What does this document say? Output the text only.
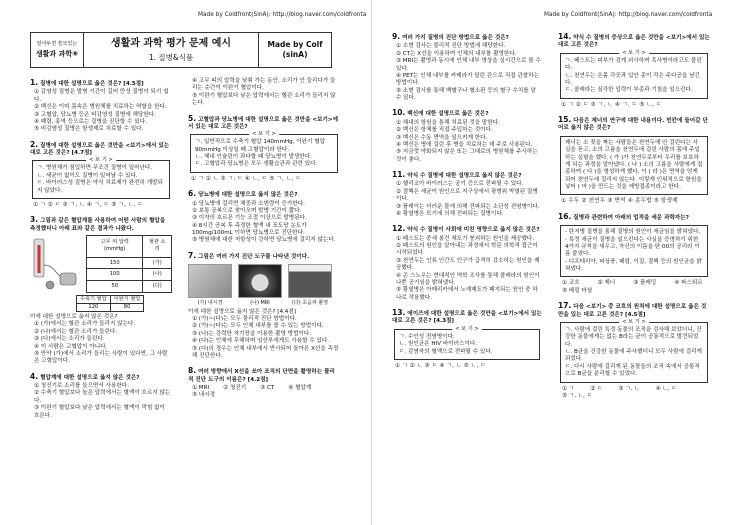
Made by Coldfront(SinA): http://blog.naver.com/coldfronta
알아두면 쓸모있는
생활과 과학⑨
생활과 과학 평가 문제 예시
1. 질병&식품
Made by Colf
(sinA)
1. 질병에 대한 설명으로 옳은 것은? [4.5점]
① 감염성 질병은 발병 기간이 길어 만성 질병이 되기 쉽다.
② 백신은 이미 몸속은 병원체를 치료하는 역할을 한다.
③ 고혈압, 당뇨병 등은 비감염성 질병에 해당한다.
④ 폐렴, 홍역 등으로는 질병을 진단할 수 있다.
⑤ 비감염성 질병은 항생제로 치료할 수 있다.
2. 질병에 대한 설명으로 옳은 것만을 <보기>에서 있는 대로 고른 것은? [4.7점]
< 보 기 >
ㄱ. 병원체가 침입하면 무조건 질병이 일어난다.
ㄴ. 세균이 없이도 질병이 일어날 수 있다.
ㄷ. 바이러스성 질병은 약식 치료제가 완전히 개발되지 않았다.
① ㄱ ② ㄷ ③ ㄱ, ㄴ ④ ㄱ, ㄷ ⑤ ㄱ, ㄴ, ㄷ
3. 그림과 같은 혈압계를 사용하여 어떤 사람의 혈압을 측정했더니 아래 표와 같은 결과가 나왔다.
고무 띠 압력(mmHg)	혈관 소리
150	(가)
100	(나)
50	(다)
수축기 혈압	이완기 혈압
120	80
이에 대한 설명으로 옳지 않은 것은?
① (가)에서는 혈관 소리가 들리지 않는다.
② (나)에서는 혈관 소리가 들린다.
③ (다)에서는 소리가 들린다.
④ 이 사람은 고혈압이 아니다.
⑤ 만약 (가)에서 소리가 들리는 사람이 있다면, 그 사람은 고혈압이다.
4. 혈압계에 대한 설명으로 옳지 않은 것은?
① 청진기로 소리를 들으면서 사용한다.
② 수축기 혈압보다 높은 압력에서는 혈액이 흐르지 않는다.
③ 이완기 혈압보다 낮은 압력에서는 혈액이 막힘 없이 흐른다.
④ 고무 띠의 압력을 낮춰 가는 동안, 소리가 안 들리다가 들리는 순간이 이완기 혈압이다.
⑤ 이완기 혈압보다 낮은 압력에서는 혈관 소리가 들리지 않는다.
5. 고혈압과 당뇨병에 대한 설명으로 옳은 것만을 <보기>에서 있는 대로 고른 것은?
< 보 기 >
ㄱ. 일반적으로 수축기 혈압 140mmHg, 이완기 혈압 90mmHg 이상일 때 고혈압이라 한다.
ㄴ. 체내 인슐린이 과다할 때 당뇨병이 발생한다.
ㄷ. 고혈압과 당뇨병은 모두 생활습관과 관련 있다.
① ㄱ ② ㄴ ③ ㄱ, ㄷ ④ ㄴ, ㄷ ⑤ ㄱ, ㄴ, ㄷ
6. 당뇨병에 대한 설명으로 옳지 않은 것은?
① 당뇨병에 걸리면 체중과 소변량이 증가한다.
② 보통 공복으로 찾아오며 발병 기간이 짧다.
③ 이자의 호르몬 기능 조절 이상으로 발병된다.
④ 8시간 공복 후 측정한 혈액 내 포도당 농도가 100mg/100mL 이하면 당뇨병으로 진단한다.
⑤ 병원체에 대한 저항성이 강하면 당뇨병에 걸리지 않는다.
7. 그림은 여러 가지 진단 도구를 나타낸 것이다.
(가) 내시경	(나) MRI	(다) 초음파 촬영
이에 대한 설명으로 옳지 않은 것은? [4.4점]
① (가)~(다)는 모두 물리적 진단 방법이다.
② (가)~(다)는 모두 인체 내부를 볼 수 있는 방법이다.
③ (나)는 강력한 자기장을 이용한 촬영 방법이다.
④ (다)는 인체에 무해하며 임산부에게도 사용할 수 있다.
⑤ (다)의 경우는 인체 내부에서 반사되어 돌아온 X선을 측정해 진단한다.
8. 여러 방향에서 X선을 쏘아 조직의 단면을 촬영하는 물리적 진단 도구의 이름은? [4.2점]
① MRI	② 청진기	③ CT	④ 혈압계
⑤ 내시경
Made by Coldfront(SinA): http://blog.naver.com/coldfronta
9. 여러 가지 질병의 진단 방법으로 옳은 것은?
① 소변 검사는 물리적 진단 방법에 해당한다.
② CT는 X선을 이용하여 인체의 내부를 촬영한다.
③ MRI는 촬영과 동시에 인체 내부 영상을 실시간으로 볼 수 있다.
④ PET는 인체 내부를 카메라가 달린 관으로 직접 관찰하는 방법이다.
⑤ 소변 검사를 통해 백혈구나 혈소판 등의 혈구 수치를 알 수 있다.
10. 백신에 대한 설명으로 옳은 것은?
① 체내의 항원을 통해 치료된 것을 말한다.
② 백신은 항체를 직접 주입하는 것이다.
③ 백신은 수동 면역을 일으키게 한다.
④ 백신은 병에 걸린 후 병을 치료하는 데 주로 사용된다.
⑤ 지금껏 약화되지 않은 또는 그대로의 병원체를 주사하는 것이 좋다.
11. 약식 수 질병에 대한 설명으로 옳지 않은 것은?
① 헬리코아 바이러스는 궁기 증으로 전파될 수 있다.
② 결핵은 세균이 원인으로 지구상에서 광범위 박멸된 질병이다.
③ 플레이는 더러운 물에 의해 전파되는 소단성 전염병이다.
④ 황열병은 모기에 의해 전파되는 질병이다.
12. 약식 수 질병이 사회에 미친 영향으로 옳지 않은 것은?
① 페스트는 중세 봉건 체도가 붕괴하는 원인을 제공했다.
② 페스트의 원인을 알아내는 과정에서 학문 의학적 접근이 시작되었다.
③ 천연두는 인류 인간도 인구가 급격히 감소하는 원인을 제공했다.
④ 콘 스노우는 현대적인 역학 조사를 통해 콜레라의 원인이 나쁜 공기임을 밝혀냈다.
⑤ 황열병은 아메리카에서 노예제도가 폐지되는 원인 중 하나로 작용했다.
13. 에이즈에 대한 설명으로 옳은 것만을 <보기>에서 있는 대로 고른 것은? [4.3점]
< 보 기 >
ㄱ. 수인성 전염병이다.
ㄴ. 원인균은 HIV 바이러스이다.
ㄷ. 감염자의 혈액으로 전파될 수 있다.
① ㄱ ② ㄴ ③ ㄷ ④ ㄱ, ㄴ ⑤ ㄴ, ㄷ
14. 약식 수 질병의 증상으로 옳은 것만을 <보기>에서 있는 대로 고른 것은?
< 보 기 >
ㄱ. 페스트는 피부가 검게 괴사하며 흑사병이라고도 불린다.
ㄴ. 천연두는 온몸 각곳과 입안 종이 작은 주다공을 남긴다.
ㄷ. 콜레라는 심각한 입력이 부종과 기침을 일으킨다.
① ㄱ ② ㄷ ③ ㄱ, ㄴ ④ ㄱ, ㄷ ⑤ ㄴ, ㄷ
15. 다음은 제너의 연구에 대한 내용이다. 빈칸에 들어갈 단어로 옳지 않은 것은?
제너는 소 젖을 짜는 사람들은 천연두에 안 걸린다는 사실을 듣고, 소의 고름을 천연두에 걸린 사람의 몸에 주입하는 실험을 했다. ( 가 )가 천연두로부터 우리를 보호하게 되는 과정을 알아냈다. ( 나 ) 소의 고름을 사람에게 접종하여 ( 다 )을 형성하게 했다. 이 ( 라 )은 면역을 얻게 되어 천연두에 걸리지 않는다. 이렇게 인위적으로 항원을 넣어 ( 마 )을 만드는 것을 예방접종이라고 한다.
① 우두 ② 천연두 ③ 면역 ④ 종두법 ⑤ 항생제
16. 질병과 관련하여 아래의 업적을 세운 과학자는?
- 탄저병 질병을 통해 질병의 원인이 세균임을 밝혀냈다.
- 특정 세균이 질병을 일으킨다는 사실을 증명하기 위한 4가지 규칙을 세우고, 자신의 이름을 딴 00의 공리라 이름 붙였다.
- 디프테리아, 파상풍, 페렴, 이질, 결핵 등의 원인균을 밝혀냈다.
① 코흐	② 제너	③ 플레밍	④ 파스퇴르
⑤ 베링 마셜
17. 다음 <보기> 중 코흐의 원칙에 대한 설명으로 옳은 것만을 있는 대로 고른 것은? [4.5점]
< 보 기 >
ㄱ. 사람에 걸린 특정 동물의 조직을 검사해 보았더니, 건강한 동물에게는 없는 B라는 균이 공통적으로 발견되었다.
ㄴ. B균을 건강한 동물에 주사했더니 모두 사람에 걸리게 되었다.
ㄷ. 다시 사람에 걸리게 된 동물들의 조직 속에서 공통적으로 B균을 분리할 수 있었다.
① ㄱ	② ㄷ	③ ㄱ, ㄴ	④ ㄴ, ㄷ
⑤ ㄱ, ㄴ, ㄷ
